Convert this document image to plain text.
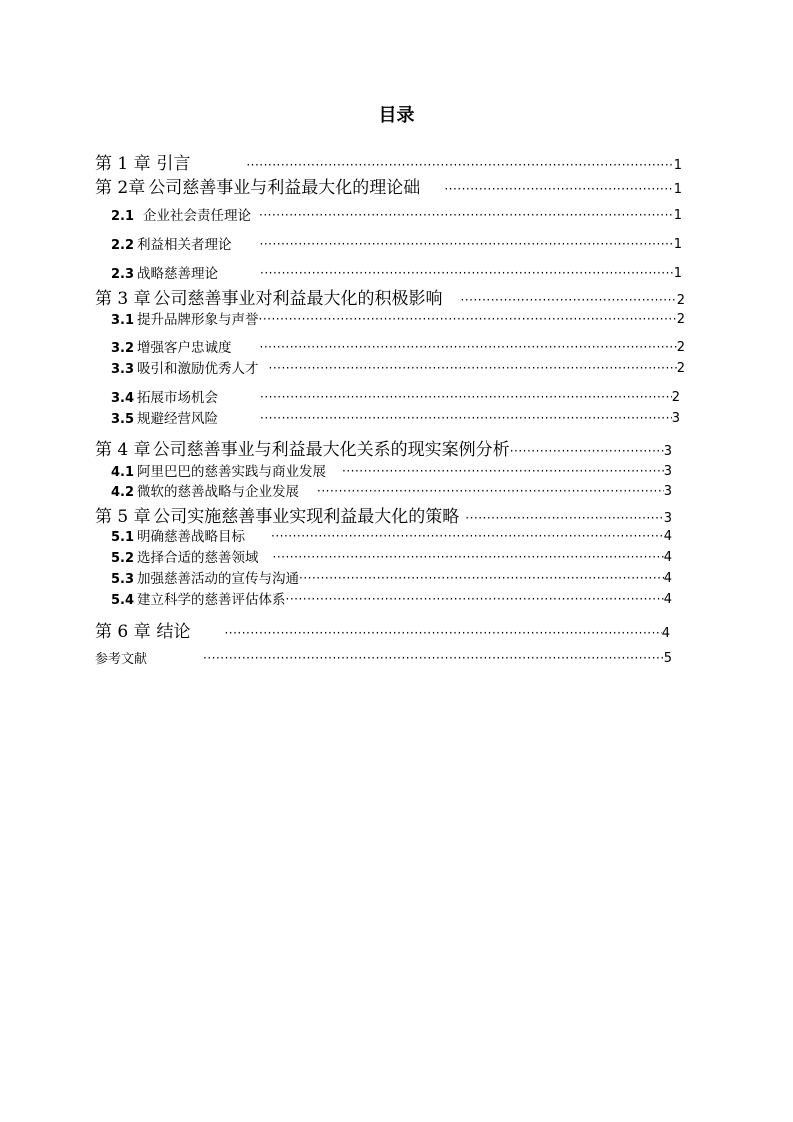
目录
第 1 章 引言 ·····	1
第 2章 公司慈善事业与利益最大化的理论础 ·····	1
2.1 企业社会责任理论 ·····	1
2.2 利益相关者理论 ·····	1
2.3 战略慈善理论 ·····	1
第 3 章 公司慈善事业对利益最大化的积极影响 ·····	2
3.1 提升品牌形象与声誉 ·····	2
3.2 增强客户忠诚度 ·····	2
3.3 吸引和激励优秀人才 ·····	2
3.4 拓展市场机会 ·····	2
3.5 规避经营风险 ·····	3
第 4 章 公司慈善事业与利益最大化关系的现实案例分析 ·····	3
4.1 阿里巴巴的慈善实践与商业发展 ·····	3
4.2 微软的慈善战略与企业发展 ·····	3
第 5 章 公司实施慈善事业实现利益最大化的策略 ·····	3
5.1 明确慈善战略目标 ·····	4
5.2 选择合适的慈善领域 ·····	4
5.3 加强慈善活动的宣传与沟通 ·····	4
5.4 建立科学的慈善评估体系 ·····	4
第 6 章 结论 ·····	4
参考文献 ·····	5
